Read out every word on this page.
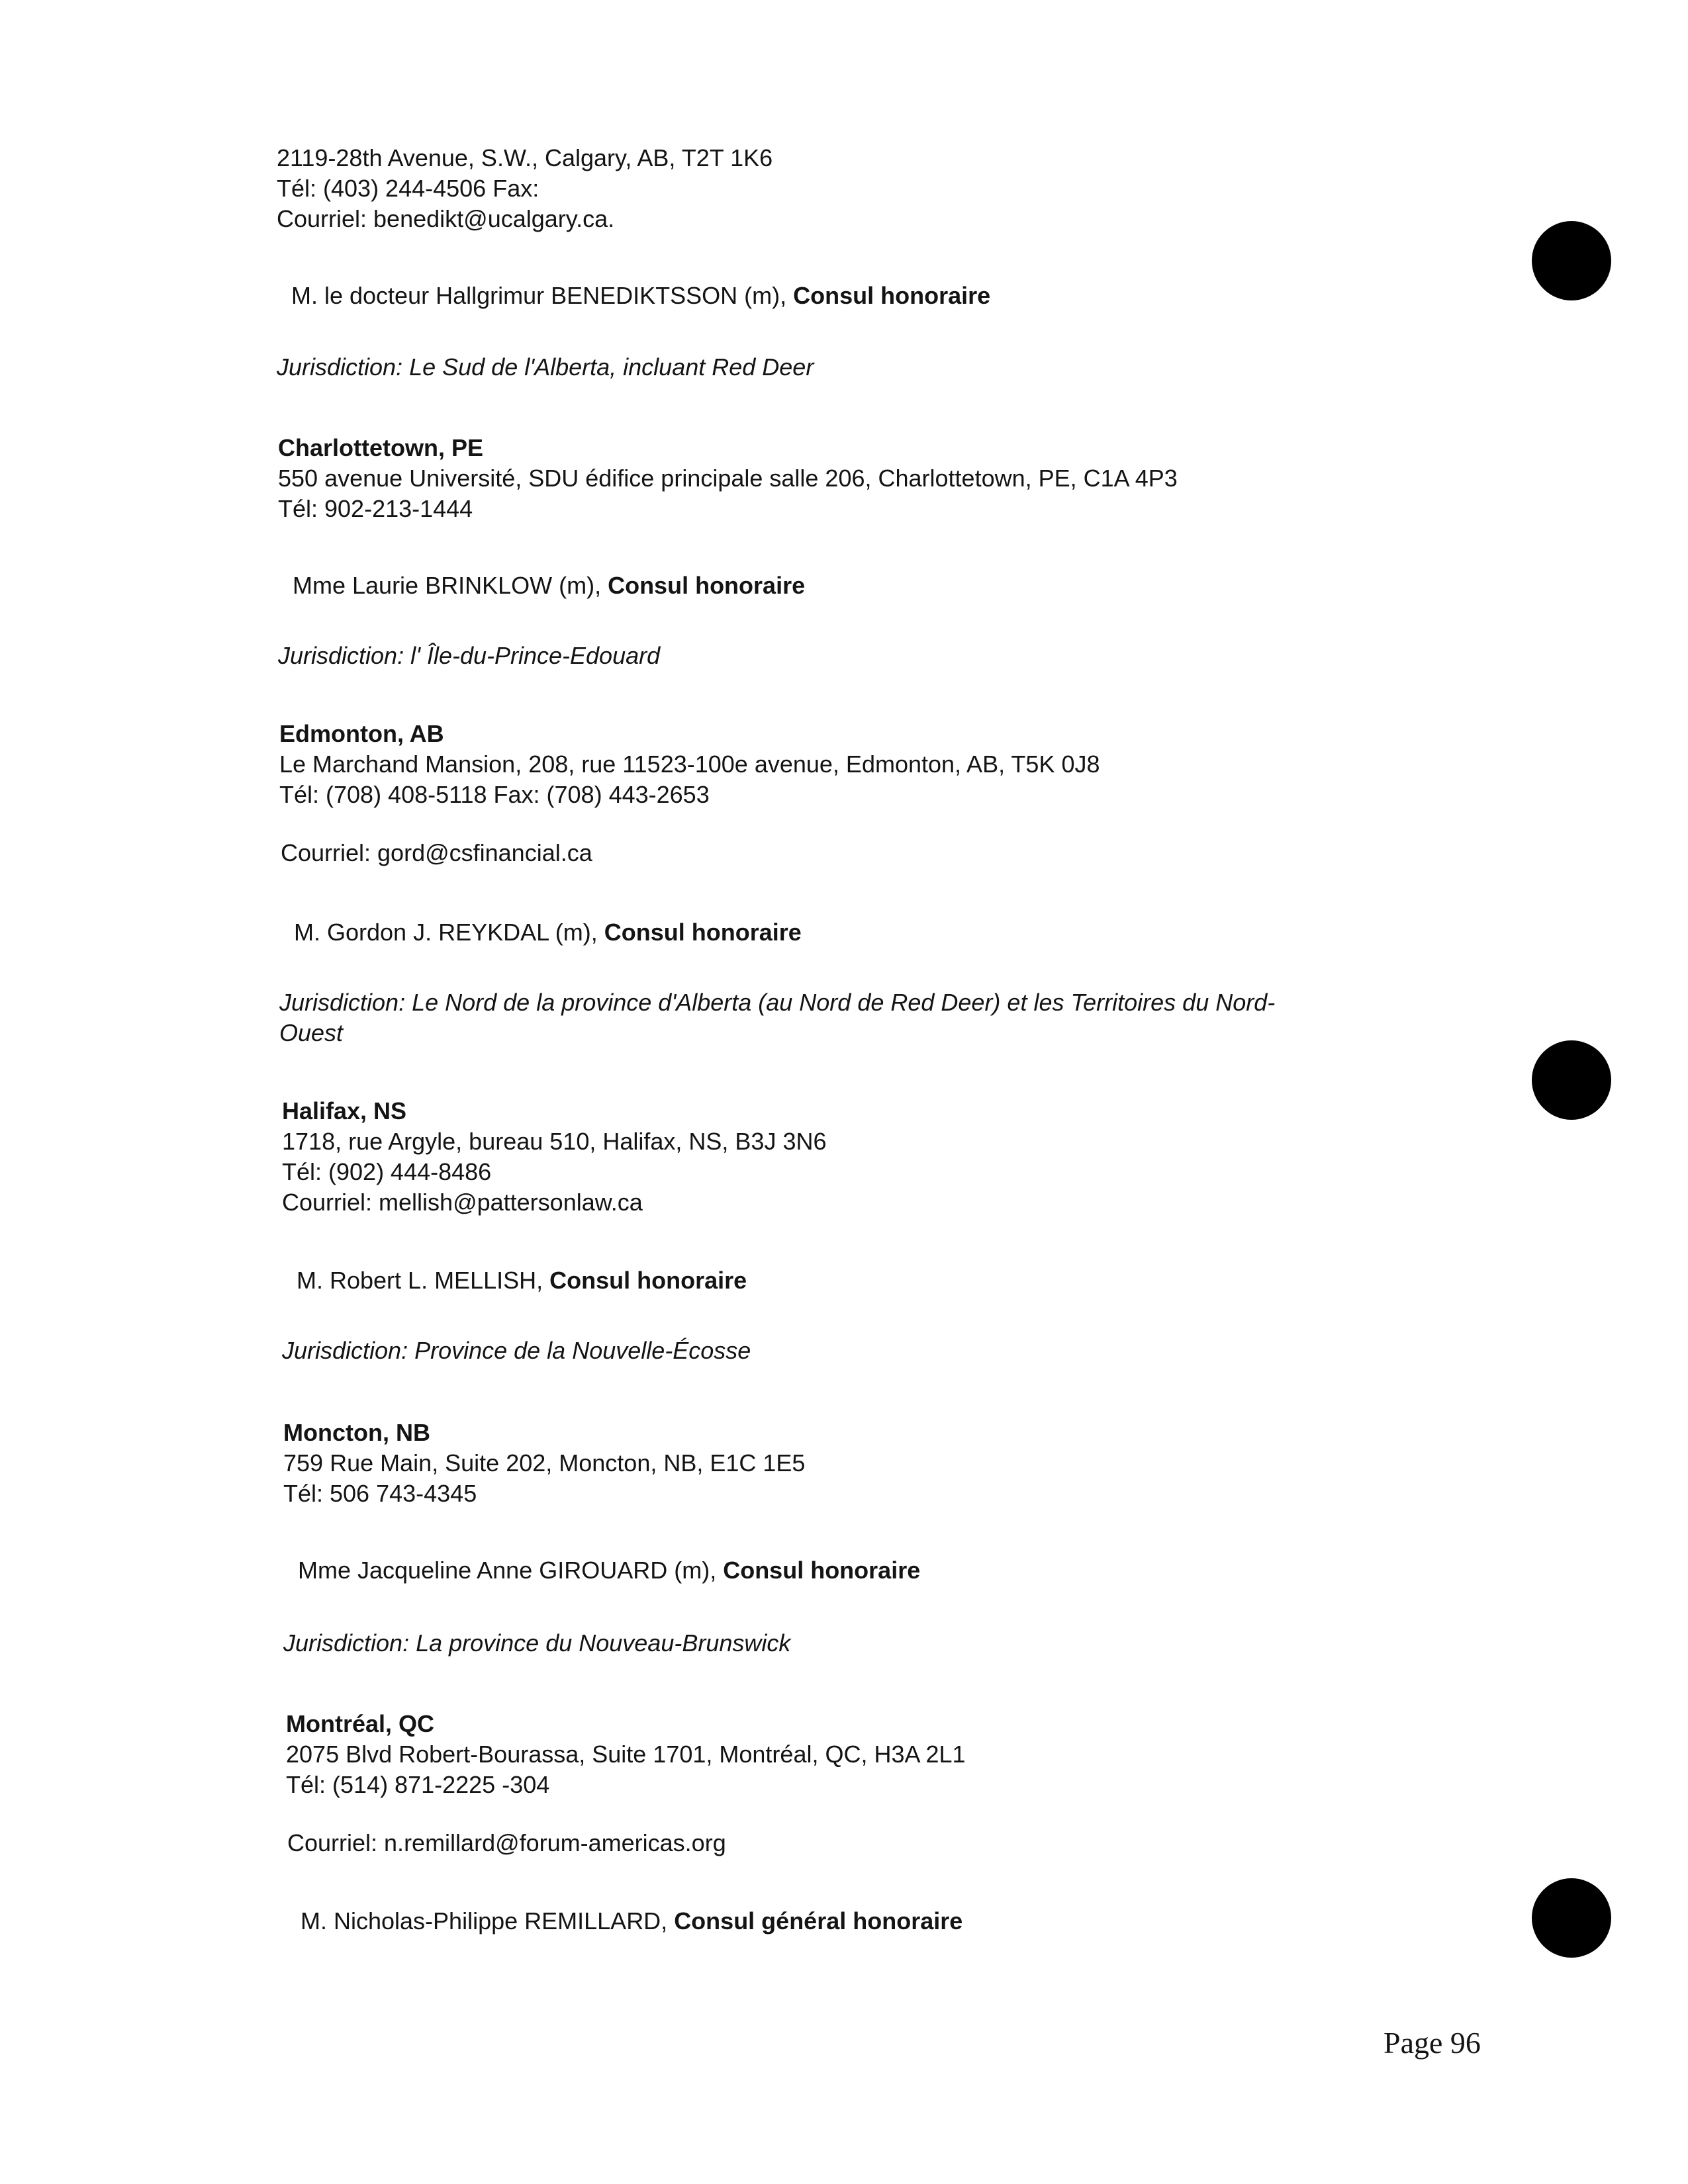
2119-28th Avenue, S.W., Calgary, AB, T2T 1K6
Tél: (403) 244-4506 Fax:
Courriel: benedikt@ucalgary.ca.
M. le docteur Hallgrimur BENEDIKTSSON (m), Consul honoraire
Jurisdiction: Le Sud de l'Alberta, incluant Red Deer
Charlottetown, PE
550 avenue Université, SDU édifice principale salle 206, Charlottetown, PE, C1A 4P3
Tél: 902-213-1444
Mme Laurie BRINKLOW (m), Consul honoraire
Jurisdiction: l' Île-du-Prince-Edouard
Edmonton, AB
Le Marchand Mansion, 208, rue 11523-100e avenue, Edmonton, AB, T5K 0J8
Tél: (708) 408-5118 Fax: (708) 443-2653
Courriel: gord@csfinancial.ca
M. Gordon J. REYKDAL (m), Consul honoraire
Jurisdiction: Le Nord de la province d'Alberta (au Nord de Red Deer) et les Territoires du Nord-
Ouest
Halifax, NS
1718, rue Argyle, bureau 510, Halifax, NS, B3J 3N6
Tél: (902) 444-8486
Courriel: mellish@pattersonlaw.ca
M. Robert L. MELLISH, Consul honoraire
Jurisdiction: Province de la Nouvelle-Écosse
Moncton, NB
759 Rue Main, Suite 202, Moncton, NB, E1C 1E5
Tél: 506 743-4345
Mme Jacqueline Anne GIROUARD (m), Consul honoraire
Jurisdiction: La province du Nouveau-Brunswick
Montréal, QC
2075 Blvd Robert-Bourassa, Suite 1701, Montréal, QC, H3A 2L1
Tél: (514) 871-2225 -304
Courriel: n.remillard@forum-americas.org
M. Nicholas-Philippe REMILLARD, Consul général honoraire
Page 96
